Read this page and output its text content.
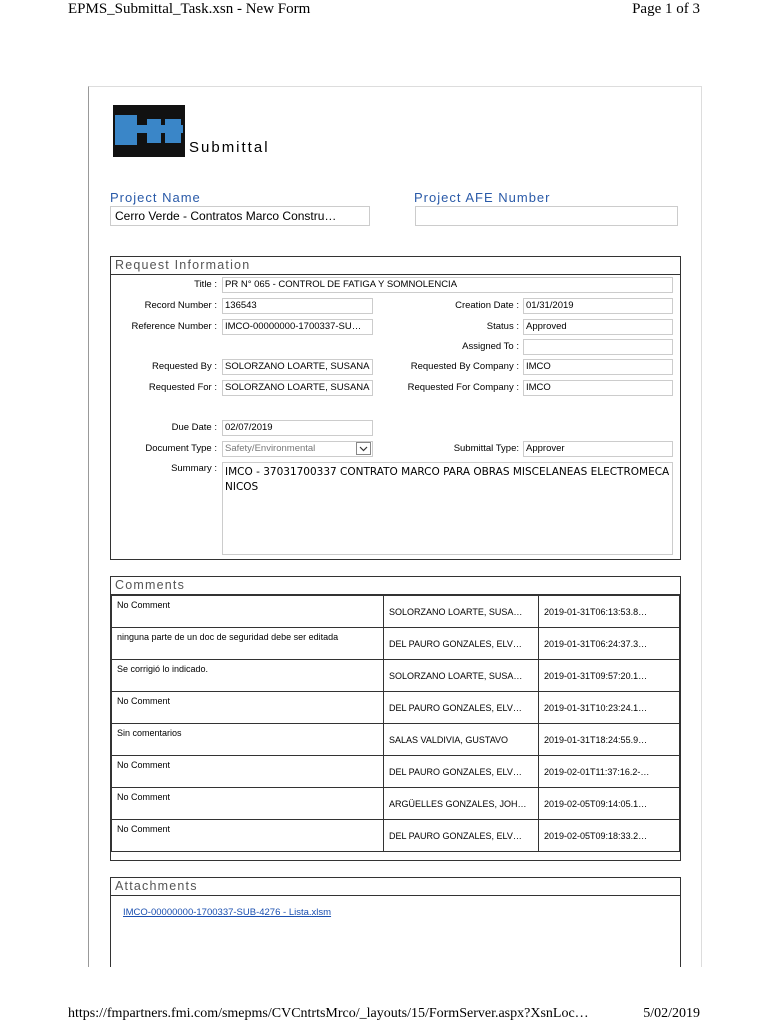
EPMS_Submittal_Task.xsn - New Form	Page 1 of 3
Submittal
Project Name
Cerro Verde - Contratos Marco Constru…
Project AFE Number
Request Information
Title : PR N° 065 - CONTROL DE FATIGA Y SOMNOLENCIA
Record Number : 136543	Creation Date : 01/31/2019
Reference Number : IMCO-00000000-1700337-SU…	Status : Approved
Assigned To :
Requested By : SOLORZANO LOARTE, SUSANA	Requested By Company : IMCO
Requested For : SOLORZANO LOARTE, SUSANA	Requested For Company : IMCO
Due Date : 02/07/2019
Document Type : Safety/Environmental	Submittal Type: Approver
Summary : IMCO - 37031700337 CONTRATO MARCO PARA OBRAS MISCELANEAS ELECTROMECANICOS
Comments
No Comment	SOLORZANO LOARTE, SUSA…	2019-01-31T06:13:53.8…
ninguna parte de un doc de seguridad debe ser editada	DEL PAURO GONZALES, ELV…	2019-01-31T06:24:37.3…
Se corrigió lo indicado.	SOLORZANO LOARTE, SUSA…	2019-01-31T09:57:20.1…
No Comment	DEL PAURO GONZALES, ELV…	2019-01-31T10:23:24.1…
Sin comentarios	SALAS VALDIVIA, GUSTAVO	2019-01-31T18:24:55.9…
No Comment	DEL PAURO GONZALES, ELV…	2019-02-01T11:37:16.2-…
No Comment	ARGÜELLES GONZALES, JOH…	2019-02-05T09:14:05.1…
No Comment	DEL PAURO GONZALES, ELV…	2019-02-05T09:18:33.2…
Attachments
IMCO-00000000-1700337-SUB-4276 - Lista.xlsm
https://fmpartners.fmi.com/smepms/CVCntrtsMrco/_layouts/15/FormServer.aspx?XsnLoc…	5/02/2019
